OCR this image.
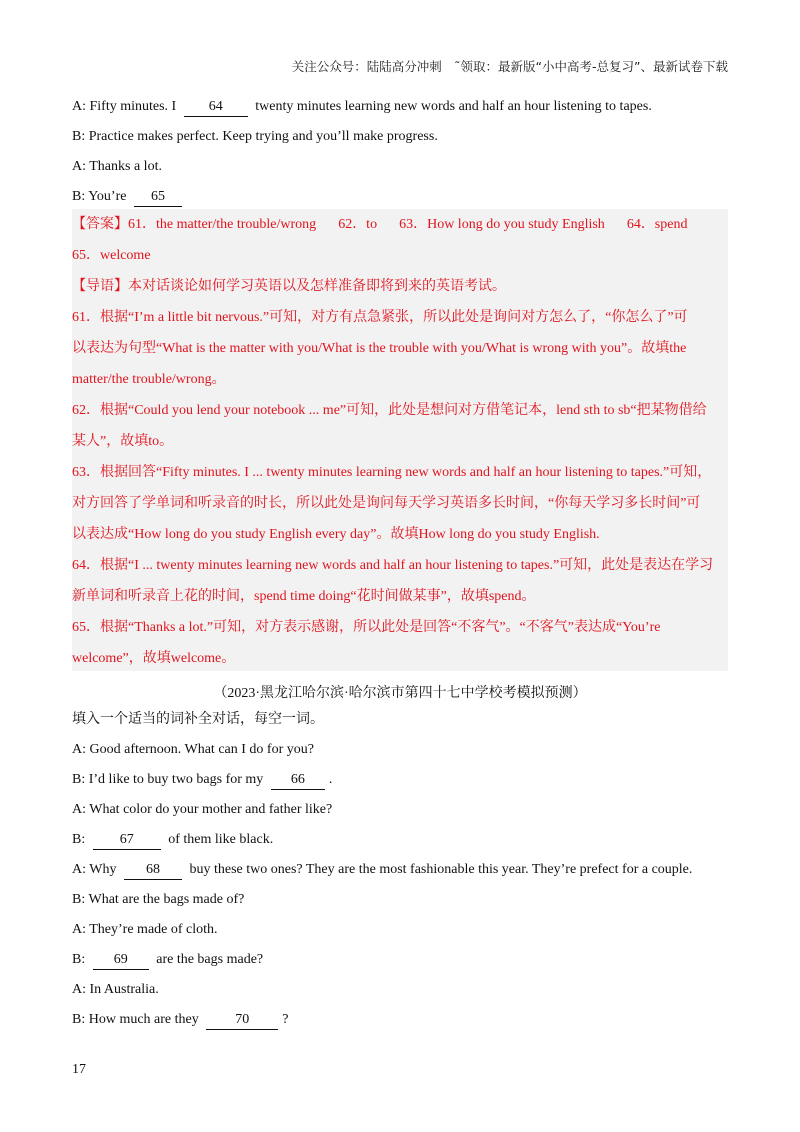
关注公众号：陆陆高分冲刺　˜领取：最新版“小中高考-总复习”、最新试卷下载
A: Fifty minutes. I 64 twenty minutes learning new words and half an hour listening to tapes.
B: Practice makes perfect. Keep trying and you’ll make progress.
A: Thanks a lot.
B: You’re 65
【答案】61．the matter/the trouble/wrong 62．to 63．How long do you study English 64．spend
65．welcome
【导语】本对话谈论如何学习英语以及怎样准备即将到来的英语考试。
61．根据“I’m a little bit nervous.”可知，对方有点急紧张，所以此处是询问对方怎么了，“你怎么了”可
以表达为句型“What is the matter with you/What is the trouble with you/What is wrong with you”。故填the
matter/the trouble/wrong。
62．根据“Could you lend your notebook ... me”可知，此处是想问对方借笔记本，lend sth to sb“把某物借给
某人”，故填to。
63．根据回答“Fifty minutes. I ... twenty minutes learning new words and half an hour listening to tapes.”可知，
对方回答了学单词和听录音的时长，所以此处是询问每天学习英语多长时间，“你每天学习多长时间”可
以表达成“How long do you study English every day”。故填How long do you study English.
64．根据“I ... twenty minutes learning new words and half an hour listening to tapes.”可知，此处是表达在学习
新单词和听录音上花的时间，spend time doing“花时间做某事”，故填spend。
65．根据“Thanks a lot.”可知，对方表示感谢，所以此处是回答“不客气”。“不客气”表达成“You’re
welcome”，故填welcome。
（2023·黑龙江哈尔滨·哈尔滨市第四十七中学校考模拟预测）
填入一个适当的词补全对话，每空一词。
A: Good afternoon. What can I do for you?
B: I’d like to buy two bags for my 66 .
A: What color do your mother and father like?
B: 67 of them like black.
A: Why 68 buy these two ones? They are the most fashionable this year. They’re prefect for a couple.
B: What are the bags made of?
A: They’re made of cloth.
B: 69 are the bags made?
A: In Australia.
B: How much are they 70 ?
17
